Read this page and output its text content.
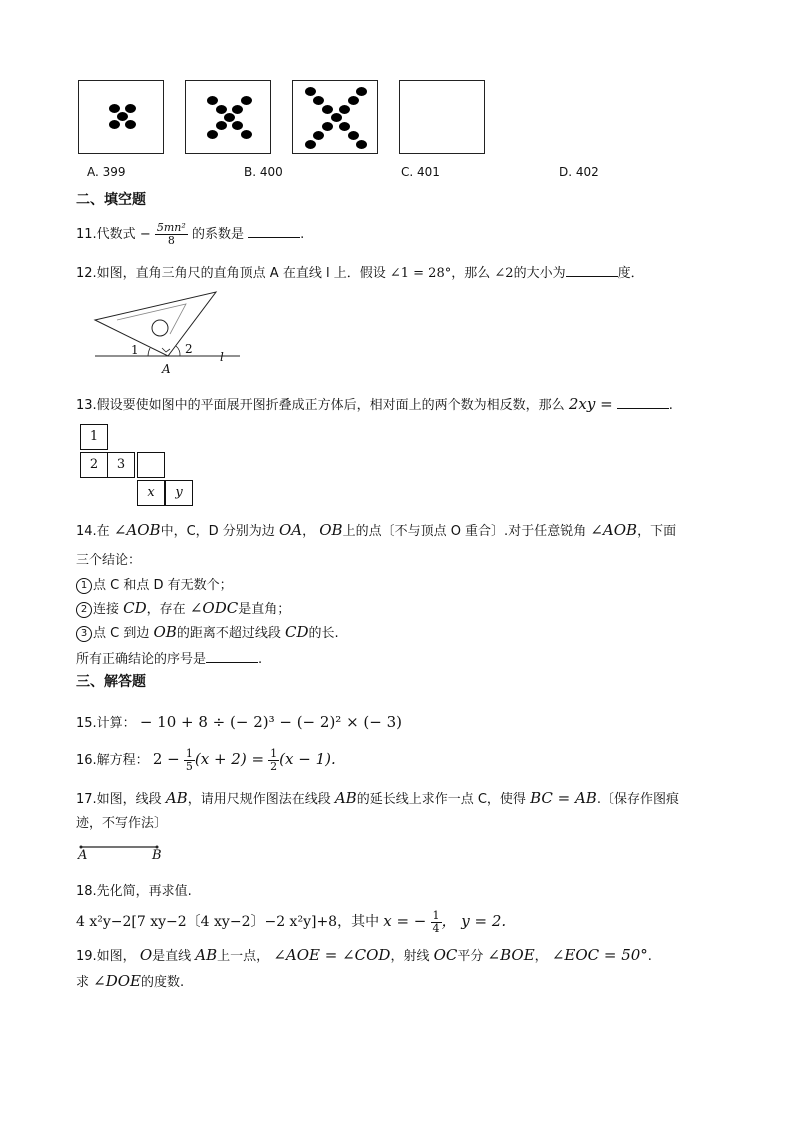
A. 399	B. 400	C. 401	D. 402
二、填空题
11.代数式 − $\frac{\text{5mn²}}{8}$ 的系数是	.
12.如图，直角三角尺的直角顶点 A 在直线 l 上．假设 ∠1 = 28°，那么 ∠2的大小为	度．
1	2
l
A
13.假设要使如图中的平面展开图折叠成正方体后，相对面上的两个数为相反数，那么 2xy =	.
1
2	3
x	y
14.在 ∠AOB中，C，D 分别为边 OA， OB上的点〔不与顶点 O 重合〕.对于任意锐角 ∠AOB，下面
三个结论：
1 点 C 和点 D 有无数个；
2 连接 CD，存在 ∠ODC是直角；
3 点 C 到边 OB的距离不超过线段 CD的长.
所有正确结论的序号是	.
三、解答题
15.计算： − 10 + 8 ÷ (− 2)³ − (− 2)² × (− 3)
16.解方程： $2 - \frac{1}{5} (x + 2) = \frac{1}{2} (x - 1)$.
17.如图，线段 AB，请用尺规作图法在线段 AB的延长线上求作一点 C，使得 BC = AB.〔保存作图痕
迹，不写作法〕
A	B
18.先化简，再求值.
4 x²y−2[7 xy−2〔4 xy−2〕−2 x²y]+8，其中 x = − $\frac{1}{4}$ ， y = 2.
19.如图， O是直线 AB上一点， ∠AOE = ∠COD，射线 OC平分 ∠BOE， ∠EOC = 50°.
求 ∠DOE的度数.
